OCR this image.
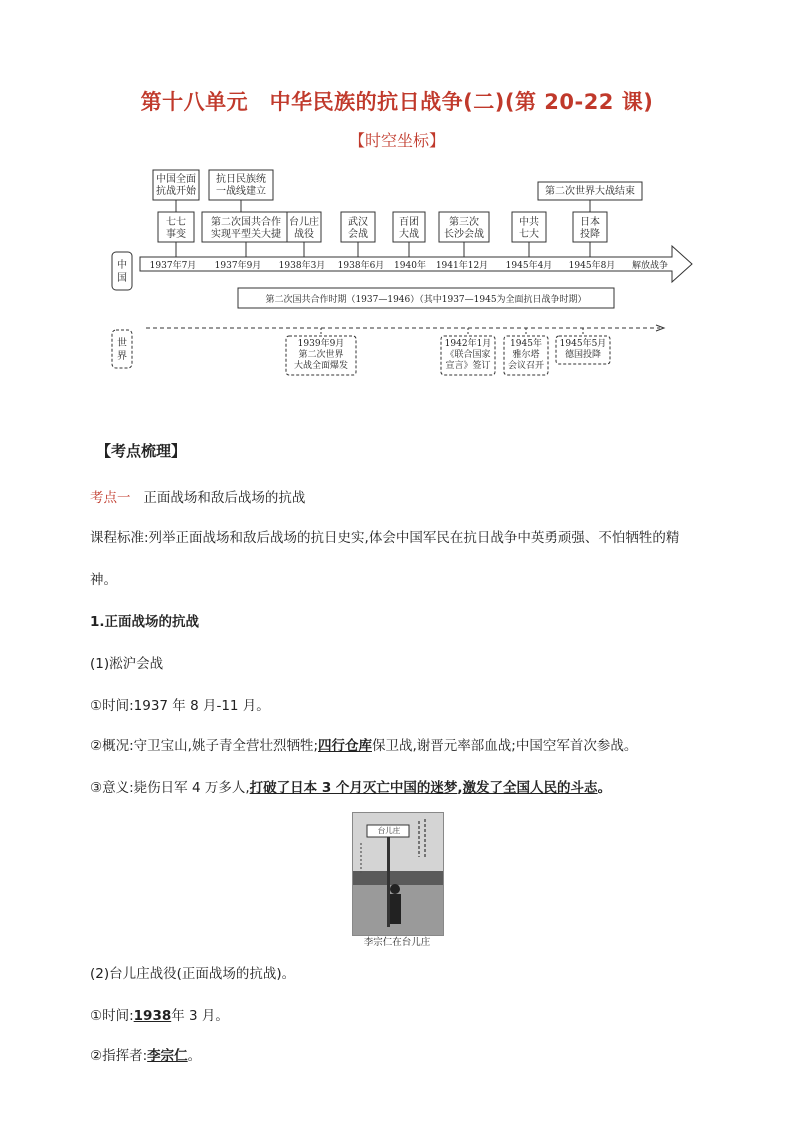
第十八单元　中华民族的抗日战争(二)(第 20-22 课)
【时空坐标】
中
国
中国全面
抗战开始
抗日民族统
一战线建立	第二次世界大战结束
七七
事变
第二次国共合作
实现平型关大捷
台儿庄
战役
武汉
会战
百团
大战
第三次
长沙会战
中共
七大
日本
投降
1937年7月 1937年9月 1938年3月 1938年6月 1940年 1941年12月 1945年4月 1945年8月 解放战争
第二次国共合作时期（1937—1946）（其中1937—1945为全面抗日战争时期）
世
界
1939年9月
第二次世界
大战全面爆发
1942年1月
《联合国家
宣言》签订
1945年
雅尔塔
会议召开
1945年5月
德国投降
【考点梳理】
考点一 正面战场和敌后战场的抗战
课程标准:列举正面战场和敌后战场的抗日史实,体会中国军民在抗日战争中英勇顽强、不怕牺牲的精
神。
1.正面战场的抗战
(1)淞沪会战
①时间:1937 年 8 月-11 月。
②概况:守卫宝山,姚子青全营壮烈牺牲;四行仓库保卫战,谢晋元率部血战;中国空军首次参战。
③意义:毙伤日军 4 万多人,打破了日本 3 个月灭亡中国的迷梦,激发了全国人民的斗志。
台儿庄
李宗仁在台儿庄
(2)台儿庄战役(正面战场的抗战)。
①时间:1938年 3 月。
②指挥者:李宗仁。
